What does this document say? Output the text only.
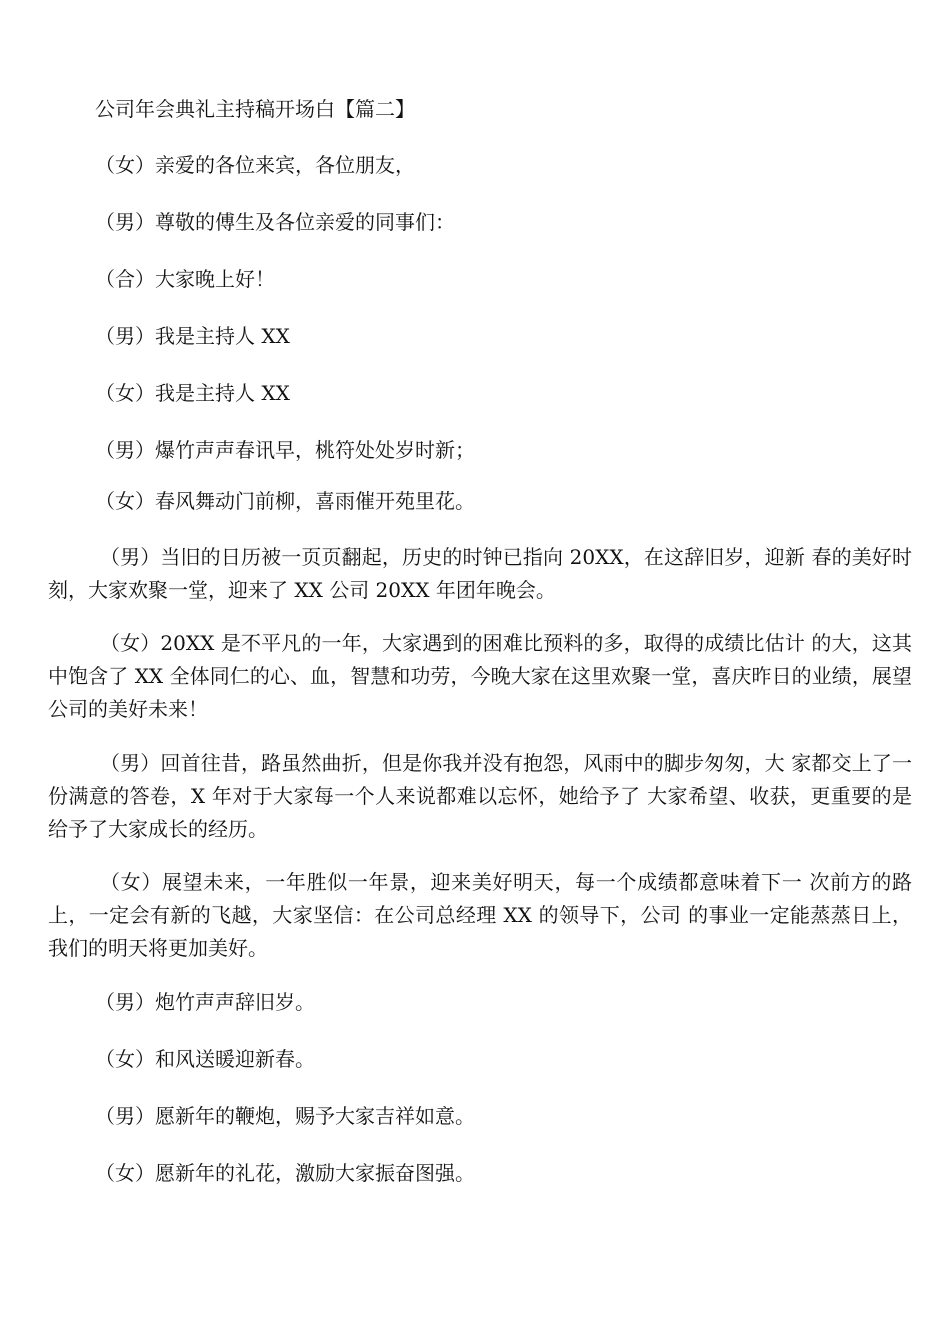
公司年会典礼主持稿开场白【篇二】
（女）亲爱的各位来宾，各位朋友，
（男）尊敬的傅生及各位亲爱的同事们：
（合）大家晚上好！
（男）我是主持人 XX
（女）我是主持人 XX
（男）爆竹声声春讯早，桃符处处岁时新；
（女）春风舞动门前柳，喜雨催开苑里花。
（男）当旧的日历被一页页翻起，历史的时钟已指向 20XX，在这辞旧岁，迎新 春的美好时刻，大家欢聚一堂，迎来了 XX 公司 20XX 年团年晚会。
（女）20XX 是不平凡的一年，大家遇到的困难比预料的多，取得的成绩比估计 的大，这其中饱含了 XX 全体同仁的心、血，智慧和功劳，今晚大家在这里欢聚一堂，喜庆昨日的业绩，展望公司的美好未来！
（男）回首往昔，路虽然曲折，但是你我并没有抱怨，风雨中的脚步匆匆，大 家都交上了一份满意的答卷，X 年对于大家每一个人来说都难以忘怀，她给予了 大家希望、收获，更重要的是给予了大家成长的经历。
（女）展望未来，一年胜似一年景，迎来美好明天，每一个成绩都意味着下一 次前方的路上，一定会有新的飞越，大家坚信：在公司总经理 XX 的领导下，公司 的事业一定能蒸蒸日上，我们的明天将更加美好。
（男）炮竹声声辞旧岁。
（女）和风送暖迎新春。
（男）愿新年的鞭炮，赐予大家吉祥如意。
（女）愿新年的礼花，激励大家振奋图强。
